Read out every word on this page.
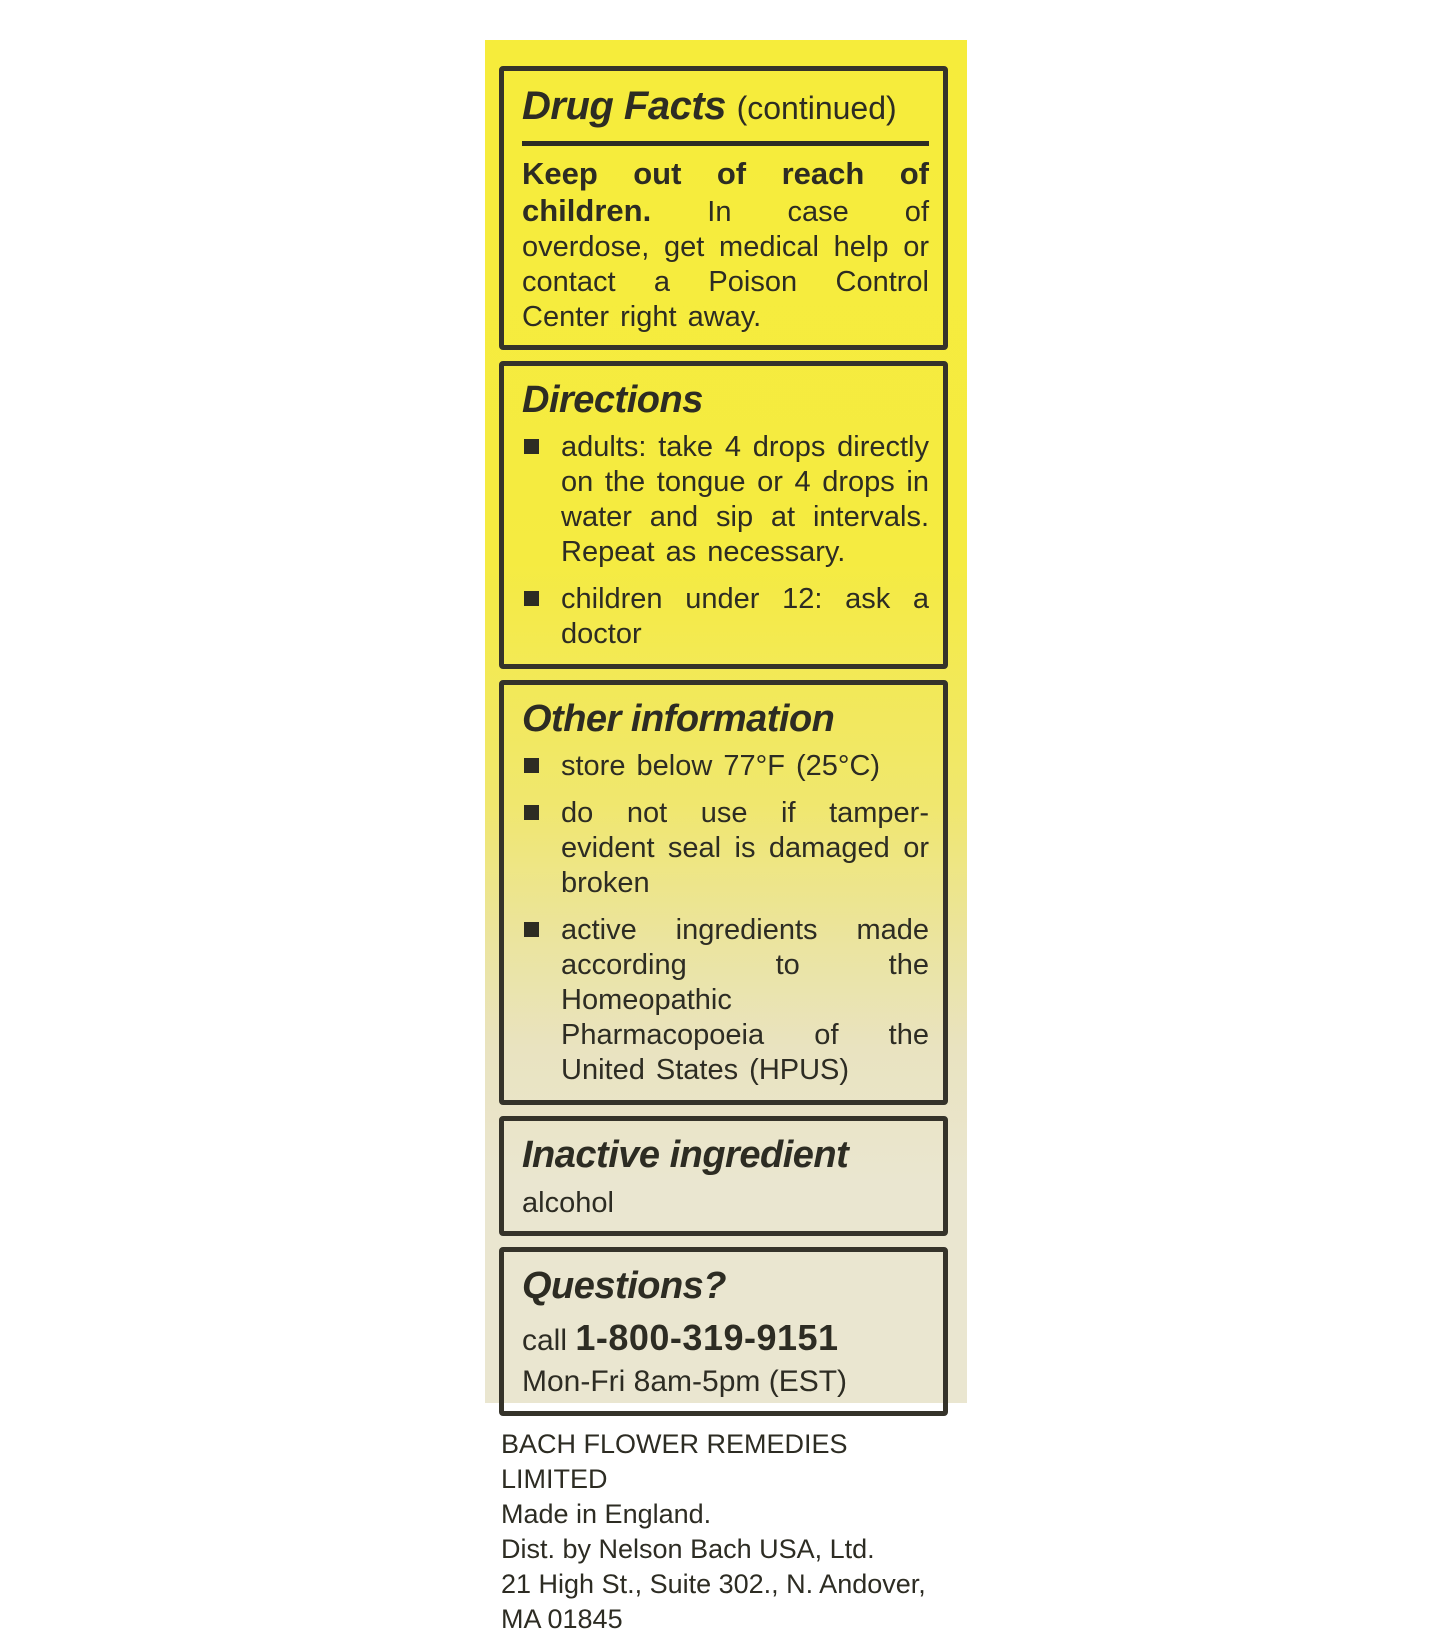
Drug Facts (continued)

Keep out of reach of children. In case of overdose, get medical help or contact a Poison Control Center right away.

Directions
adults: take 4 drops directly on the tongue or 4 drops in water and sip at intervals. Repeat as necessary.
children under 12: ask a doctor
Other information
store below 77°F (25°C)
do not use if tamper-evident seal is damaged or broken
active ingredients made according to the Homeopathic Pharmacopoeia of the United States (HPUS)
Inactive ingredient

alcohol

Questions?

call 1-800-319-9151

Mon-Fri 8am-5pm (EST)

BACH FLOWER REMEDIES LIMITED
Made in England.
Dist. by Nelson Bach USA, Ltd.
21 High St., Suite 302., N. Andover, MA 01845
